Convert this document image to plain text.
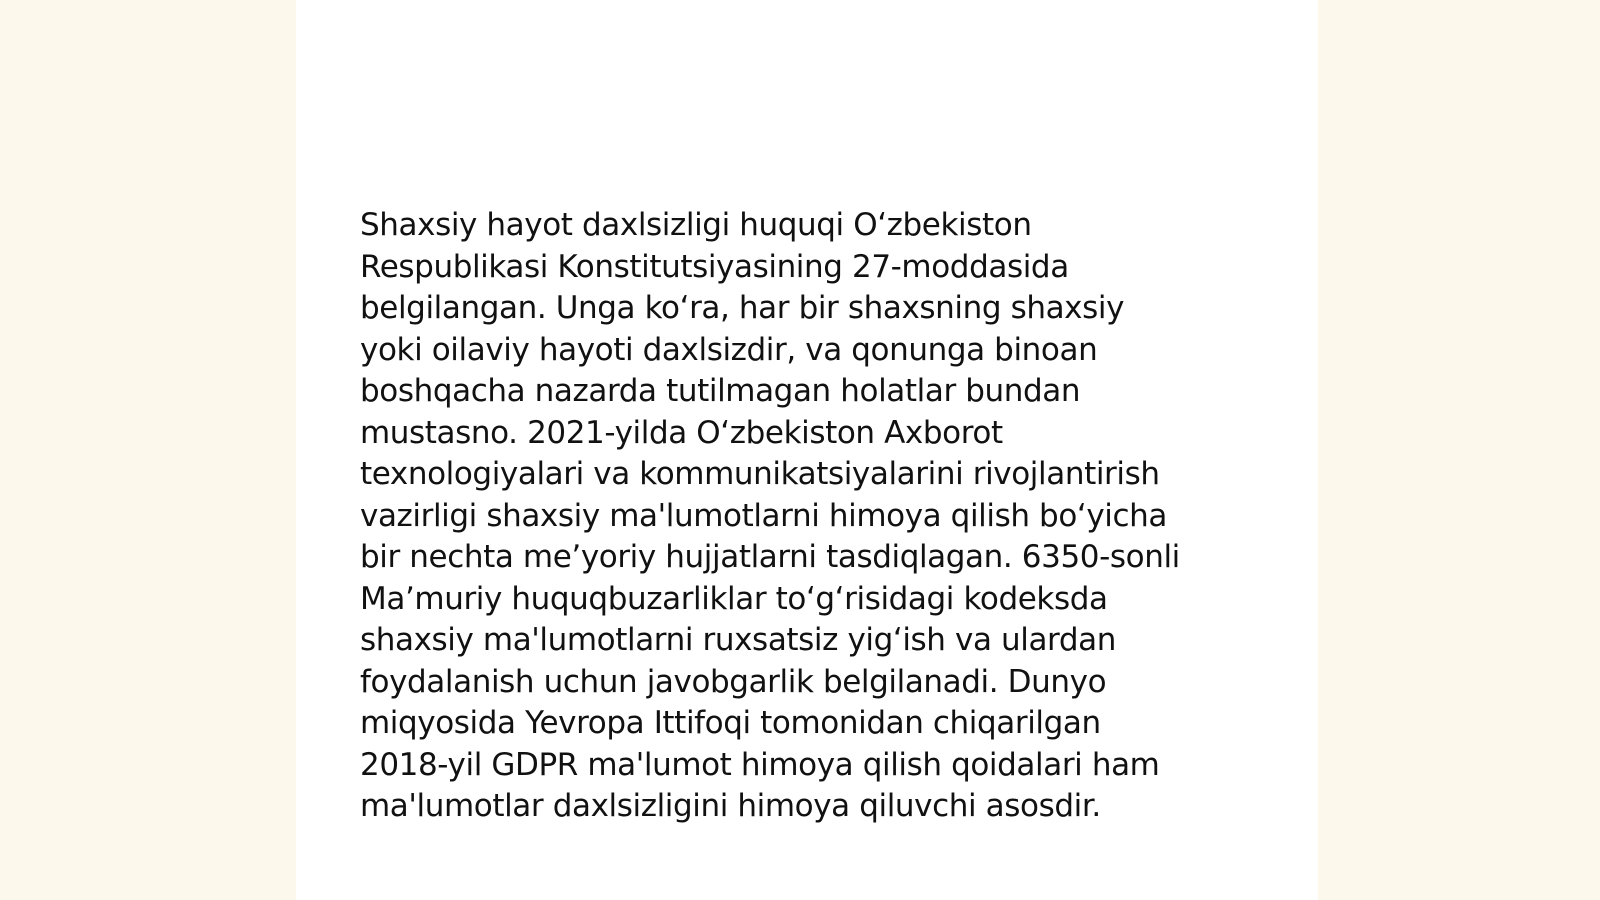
Shaxsiy hayot daxlsizligi huquqi O‘zbekiston
Respublikasi Konstitutsiyasining 27-moddasida
belgilangan. Unga ko‘ra, har bir shaxsning shaxsiy
yoki oilaviy hayoti daxlsizdir, va qonunga binoan
boshqacha nazarda tutilmagan holatlar bundan
mustasno. 2021-yilda O‘zbekiston Axborot
texnologiyalari va kommunikatsiyalarini rivojlantirish
vazirligi shaxsiy ma'lumotlarni himoya qilish bo‘yicha
bir nechta me’yoriy hujjatlarni tasdiqlagan. 6350-sonli
Ma’muriy huquqbuzarliklar to‘g‘risidagi kodeksda
shaxsiy ma'lumotlarni ruxsatsiz yig‘ish va ulardan
foydalanish uchun javobgarlik belgilanadi. Dunyo
miqyosida Yevropa Ittifoqi tomonidan chiqarilgan
2018-yil GDPR ma'lumot himoya qilish qoidalari ham
ma'lumotlar daxlsizligini himoya qiluvchi asosdir.
